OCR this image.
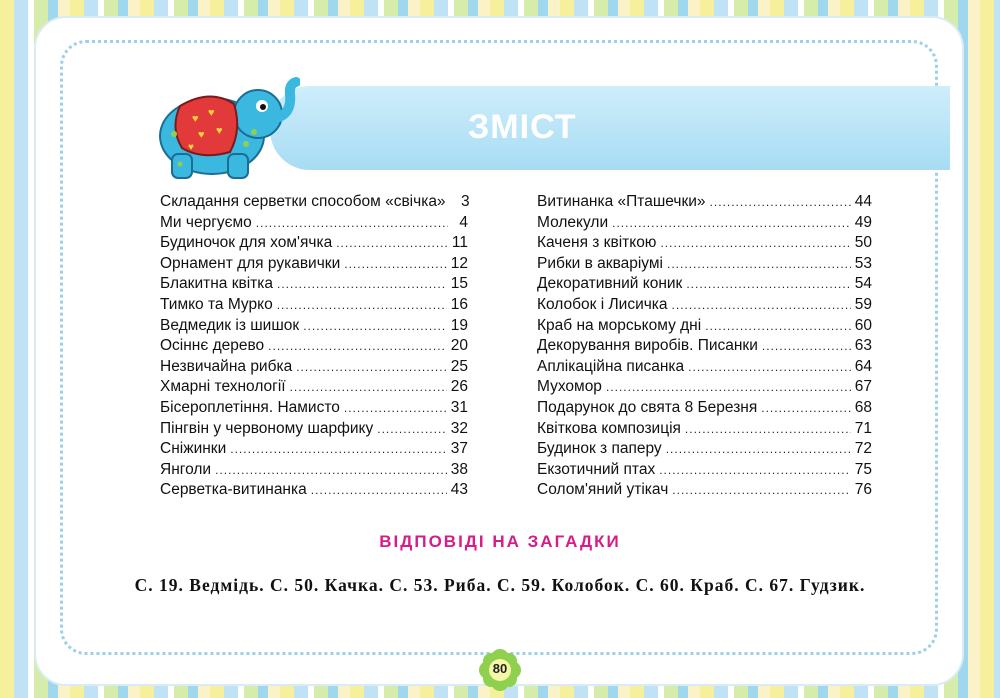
ЗМІСТ
♥ ♥
♥ ♥
♥
Складання серветки способом «свічка» 3
Ми чергуємо .....	4
Будиночок для хом'ячка .....	11
Орнамент для рукавички .....	12
Блакитна квітка .....	15
Тимко та Мурко .....	16
Ведмедик із шишок .....	19
Осіннє дерево .....	20
Незвичайна рибка .....	25
Хмарні технології .....	26
Бісероплетіння. Намисто .....	31
Пінгвін у червоному шарфику .....	32
Сніжинки .....	37
Янголи .....	38
Серветка-витинанка .....	43
Витинанка «Пташечки» .....	44
Молекули .....	49
Каченя з квіткою .....	50
Рибки в акваріумі .....	53
Декоративний коник .....	54
Колобок і Лисичка .....	59
Краб на морському дні .....	60
Декорування виробів. Писанки .....	63
Аплікаційна писанка .....	64
Мухомор .....	67
Подарунок до свята 8 Березня .....	68
Квіткова композиція .....	71
Будинок з паперу .....	72
Екзотичний птах .....	75
Солом'яний утікач .....	76
ВІДПОВІДІ НА ЗАГАДКИ
С. 19. Ведмідь. С. 50. Качка. С. 53. Риба. С. 59. Колобок. С. 60. Краб. С. 67. Гудзик.
80
